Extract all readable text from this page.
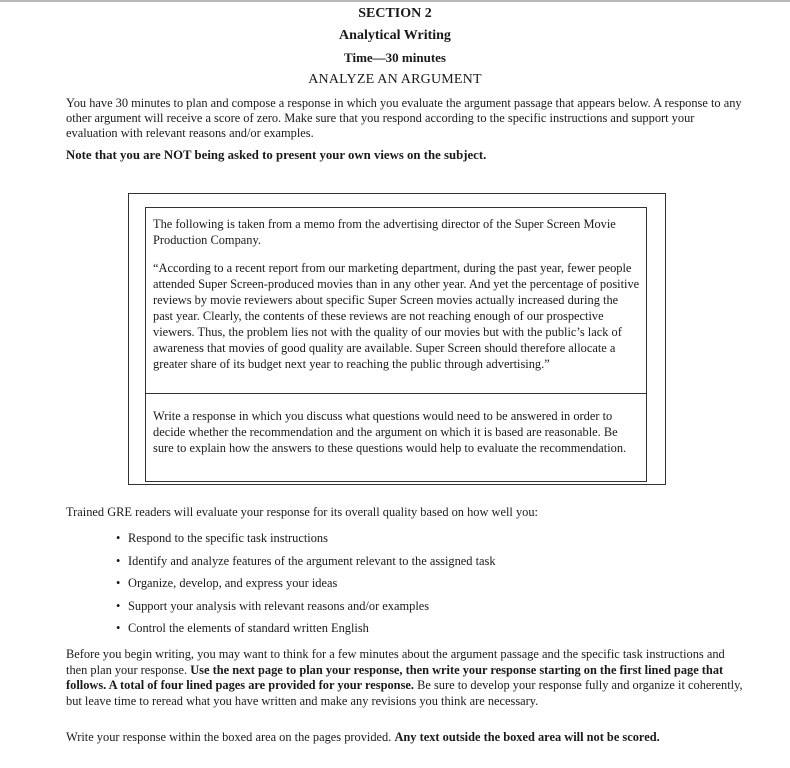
SECTION 2
Analytical Writing
Time—30 minutes
ANALYZE AN ARGUMENT
You have 30 minutes to plan and compose a response in which you evaluate the argument passage that appears below. A response to any other argument will receive a score of zero. Make sure that you respond according to the specific instructions and support your evaluation with relevant reasons and/or examples.
Note that you are NOT being asked to present your own views on the subject.
The following is taken from a memo from the advertising director of the Super Screen Movie Production Company.
“According to a recent report from our marketing department, during the past year, fewer people attended Super Screen-produced movies than in any other year. And yet the percentage of positive reviews by movie reviewers about specific Super Screen movies actually increased during the past year. Clearly, the contents of these reviews are not reaching enough of our prospective viewers. Thus, the problem lies not with the quality of our movies but with the public’s lack of awareness that movies of good quality are available. Super Screen should therefore allocate a greater share of its budget next year to reaching the public through advertising.”
Write a response in which you discuss what questions would need to be answered in order to decide whether the recommendation and the argument on which it is based are reasonable. Be sure to explain how the answers to these questions would help to evaluate the recommendation.
Trained GRE readers will evaluate your response for its overall quality based on how well you:
• Respond to the specific task instructions
• Identify and analyze features of the argument relevant to the assigned task
• Organize, develop, and express your ideas
• Support your analysis with relevant reasons and/or examples
• Control the elements of standard written English
Before you begin writing, you may want to think for a few minutes about the argument passage and the specific task instructions and then plan your response. Use the next page to plan your response, then write your response starting on the first lined page that follows. A total of four lined pages are provided for your response. Be sure to develop your response fully and organize it coherently, but leave time to reread what you have written and make any revisions you think are necessary.
Write your response within the boxed area on the pages provided. Any text outside the boxed area will not be scored.
